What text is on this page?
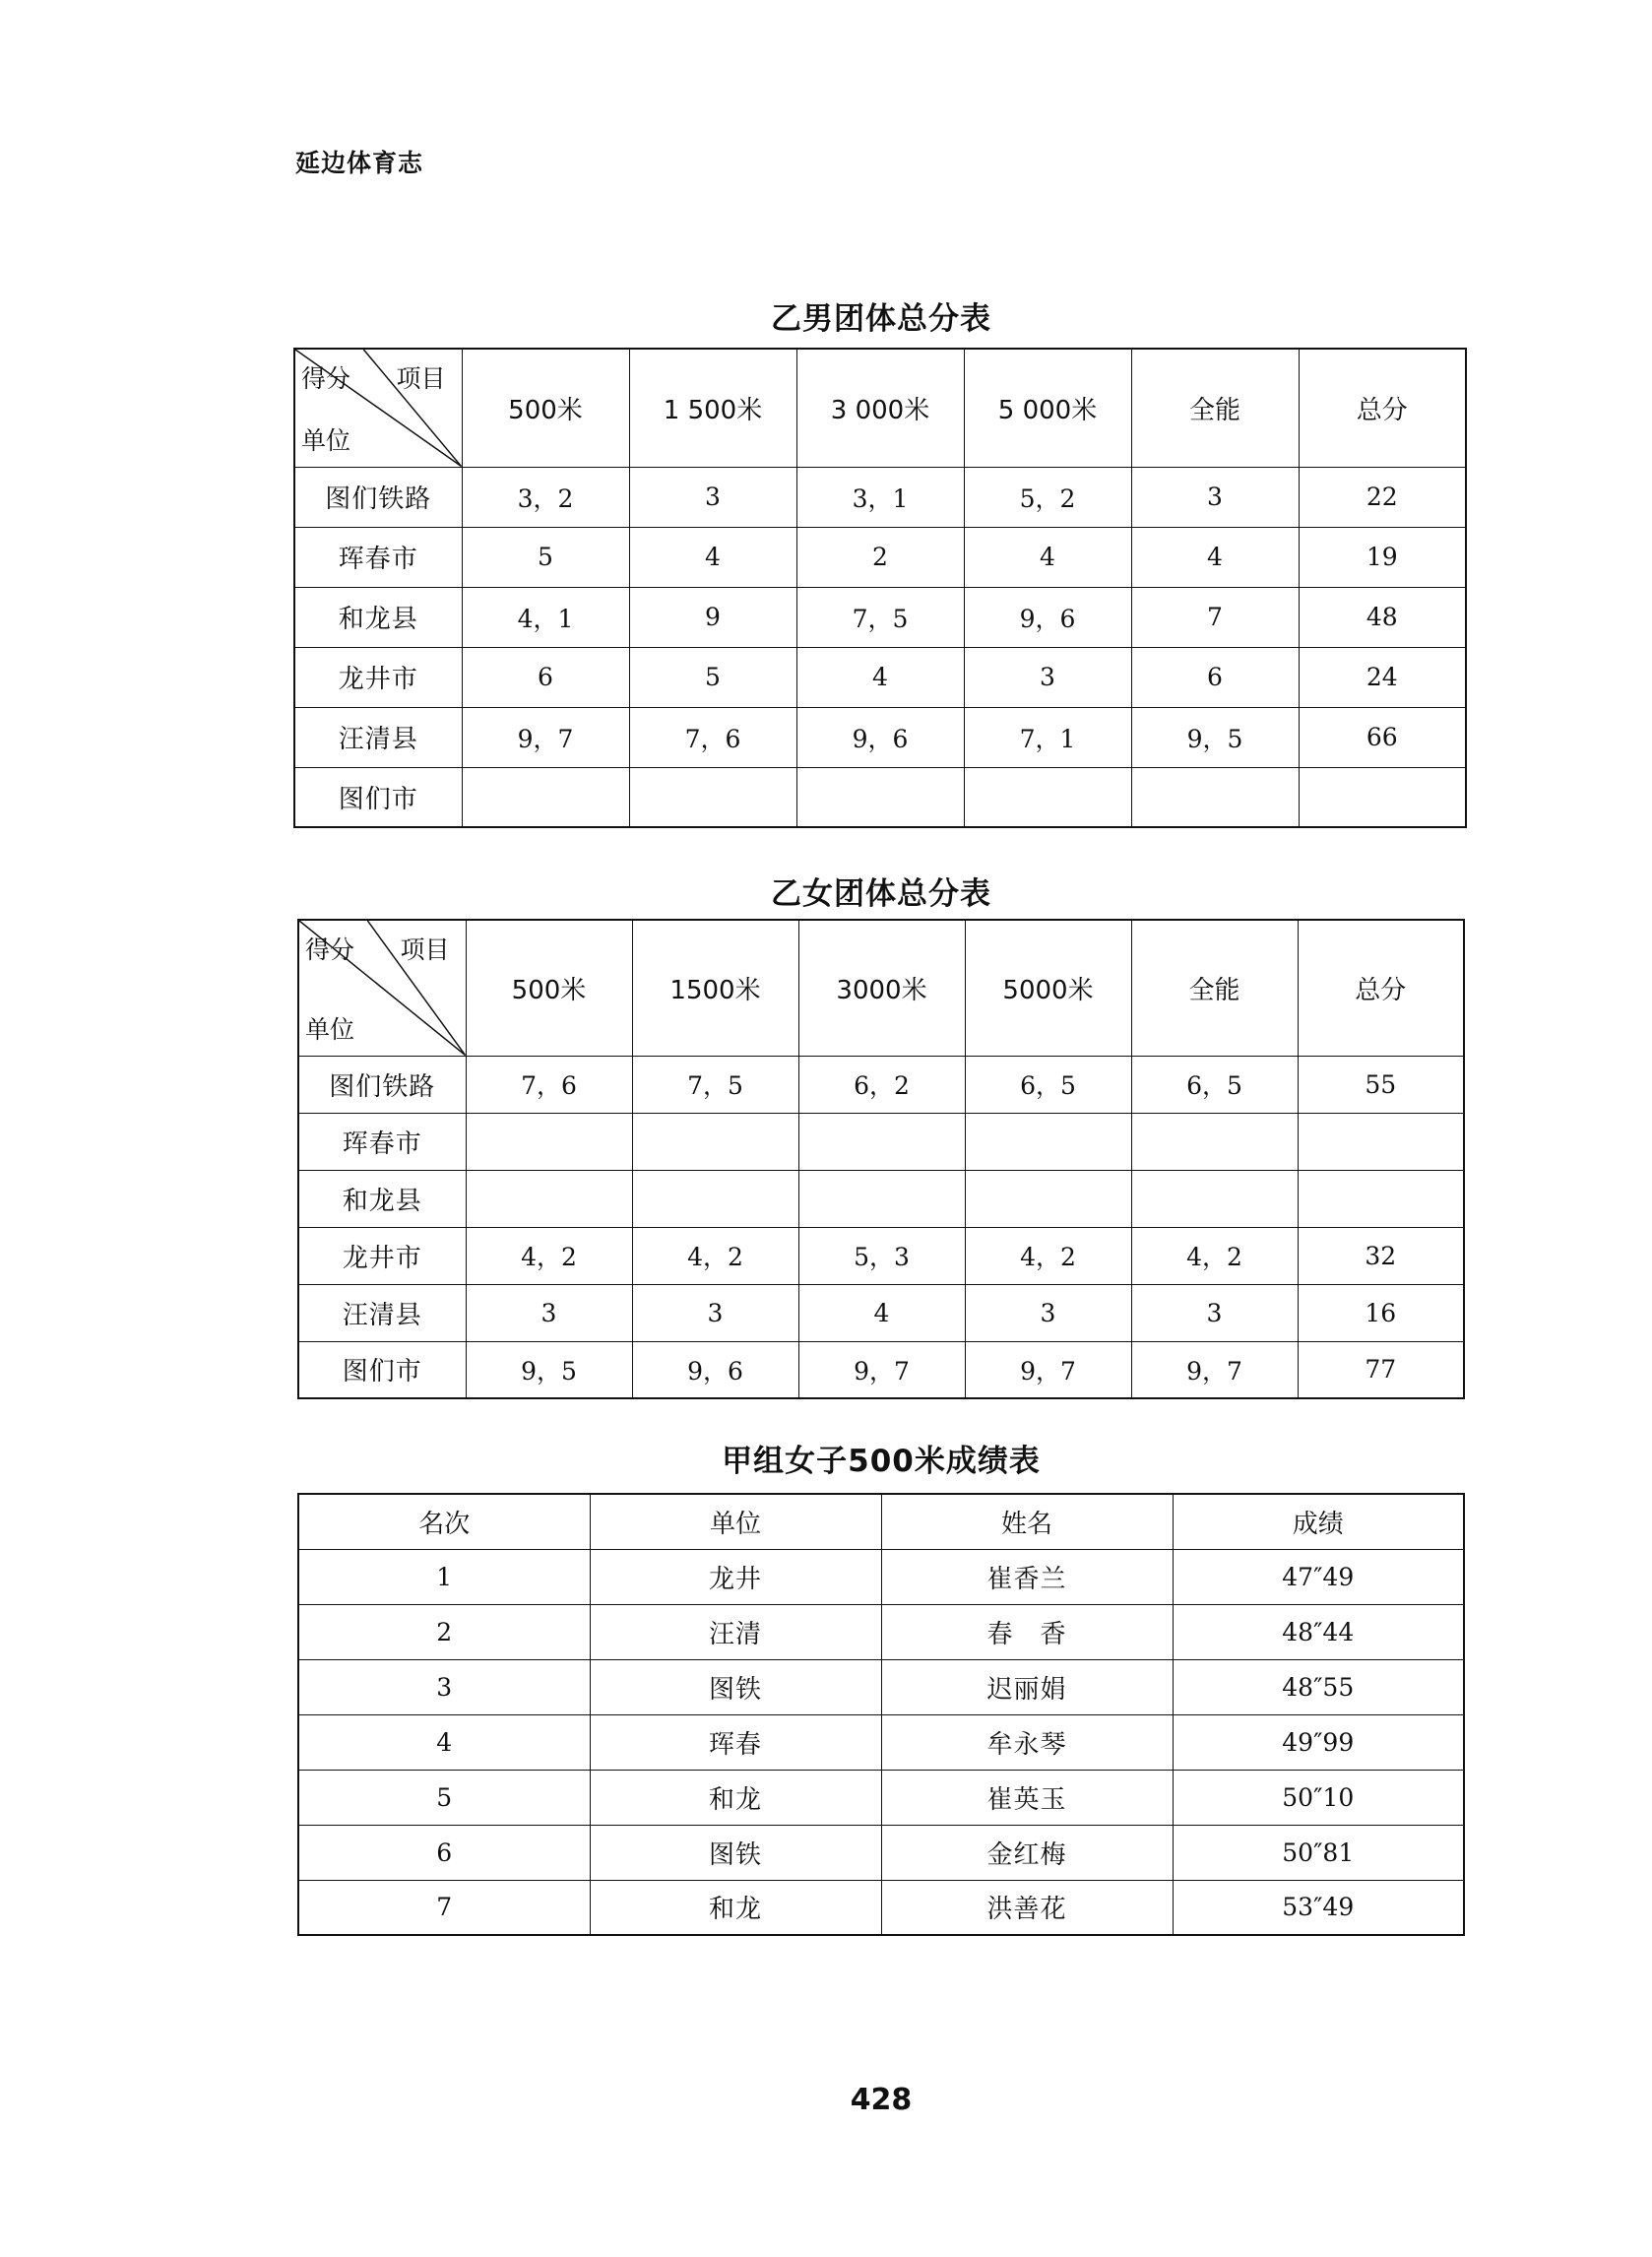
延边体育志
乙男团体总分表
得分 项目
单位	500米	1 500米	3 000米	5 000米	全能	总分
图们铁路	3，2	3	3，1	5，2	3	22
珲春市	5	4	2	4	4	19
和龙县	4，1	9	7，5	9，6	7	48
龙井市	6	5	4	3	6	24
汪清县	9，7	7，6	9，6	7，1	9，5	66
图们市						
乙女团体总分表
得分 项目
单位	500米	1500米	3000米	5000米	全能	总分
图们铁路	7，6	7，5	6，2	6，5	6，5	55
珲春市						
和龙县						
龙井市	4，2	4，2	5，3	4，2	4，2	32
汪清县	3	3	4	3	3	16
图们市	9，5	9，6	9，7	9，7	9，7	77
甲组女子500米成绩表
名次	单位	姓名	成绩
1	龙井	崔香兰	47″49
2	汪清	春　香	48″44
3	图铁	迟丽娟	48″55
4	珲春	牟永琴	49″99
5	和龙	崔英玉	50″10
6	图铁	金红梅	50″81
7	和龙	洪善花	53″49
428
